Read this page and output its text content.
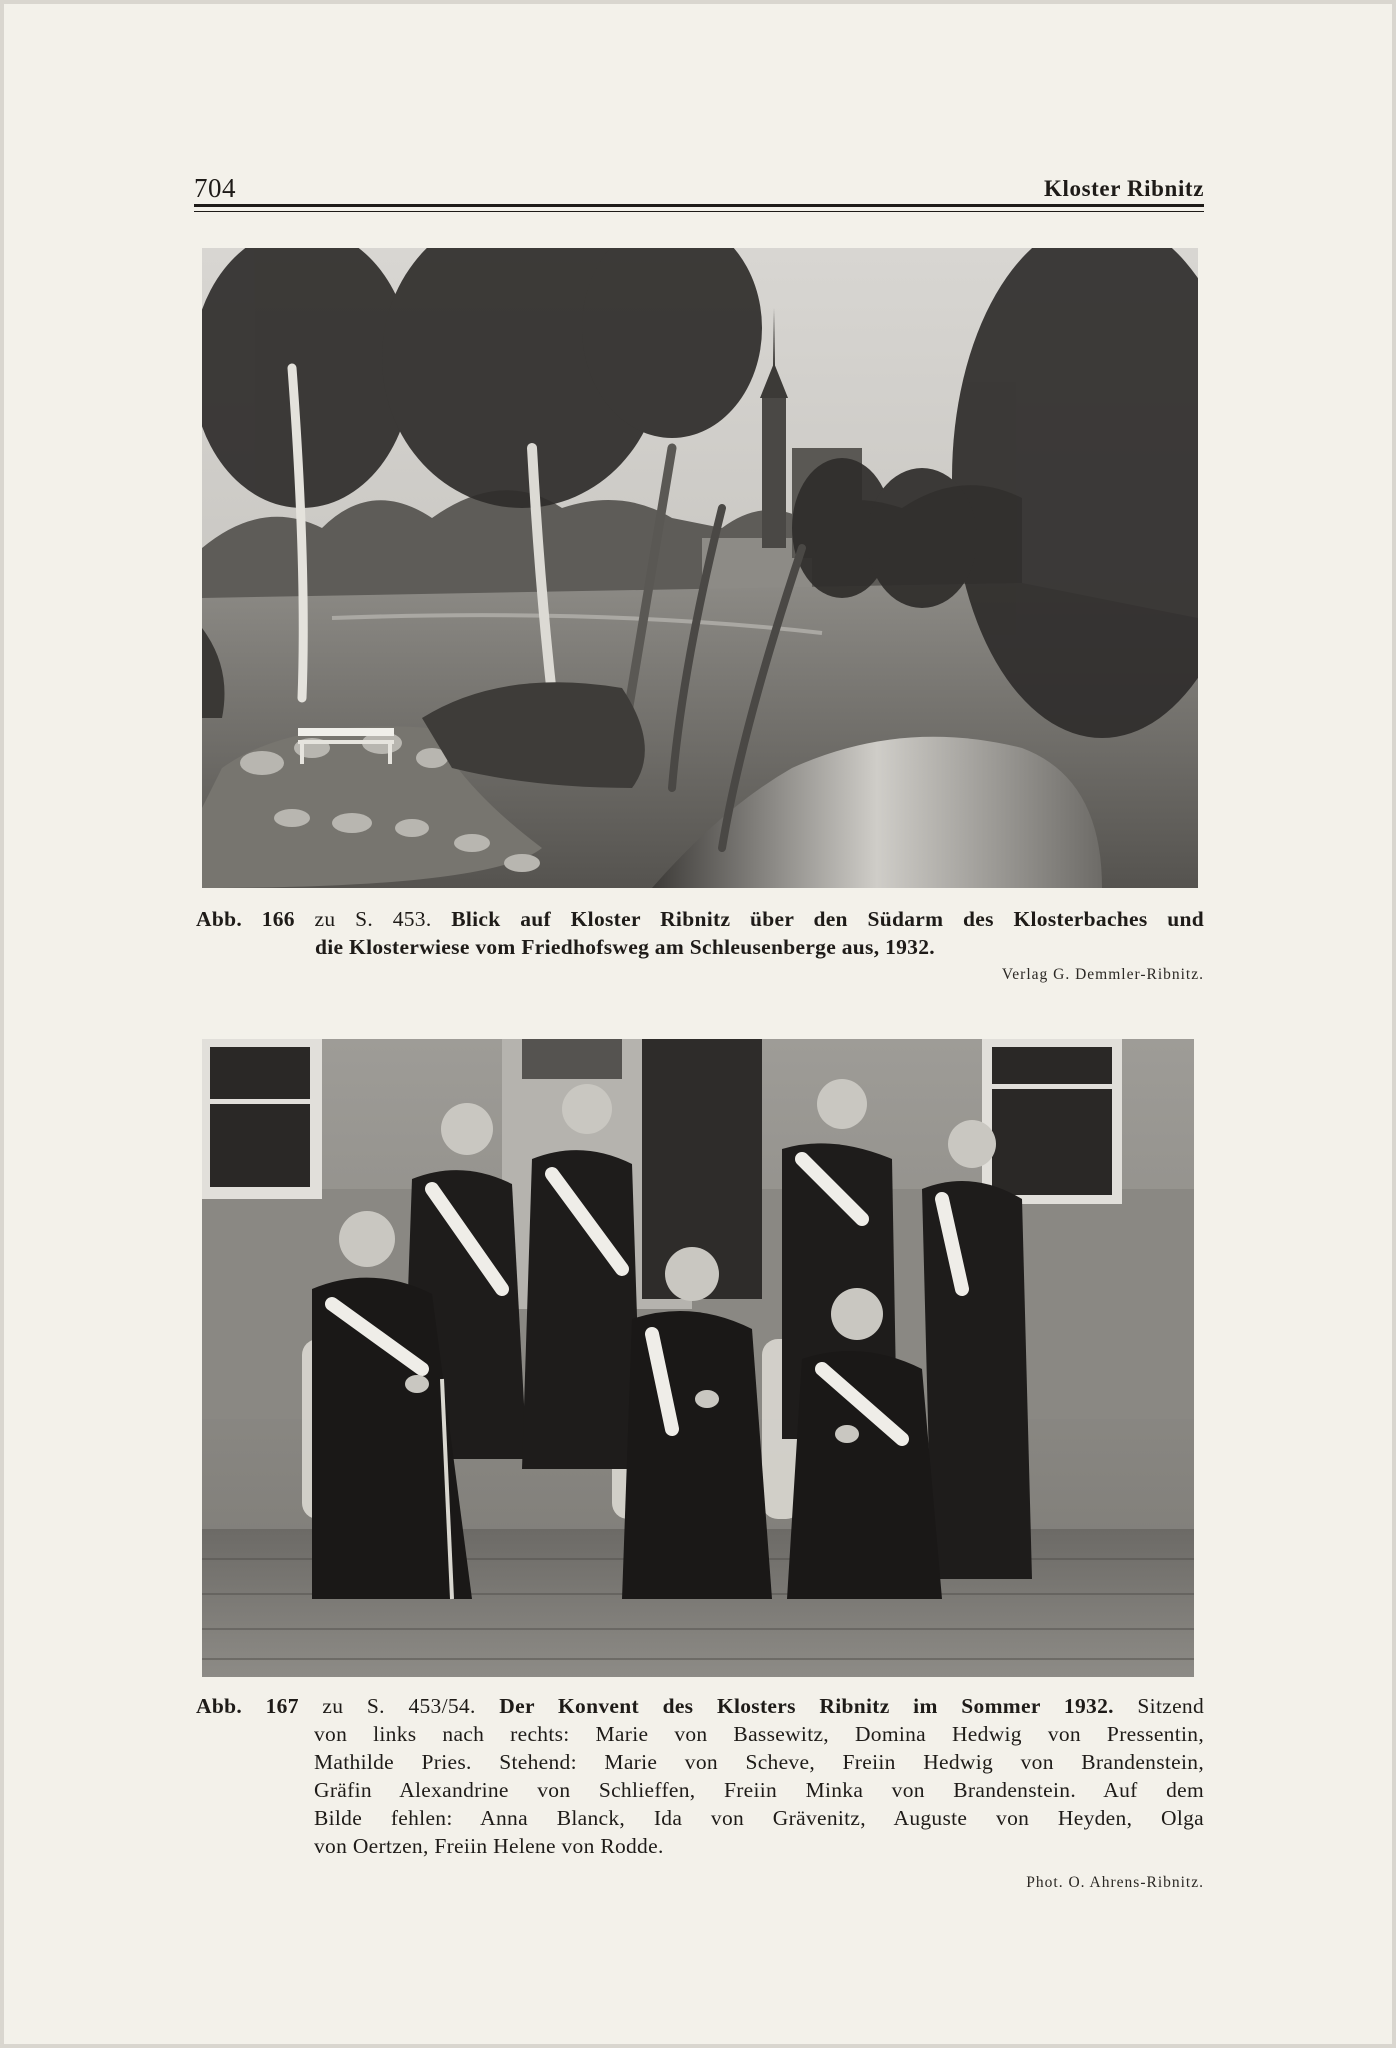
704	Kloster Ribnitz
Abb. 166 zu S. 453. Blick auf Kloster Ribnitz über den Südarm des Klosterbaches und
die Klosterwiese vom Friedhofsweg am Schleusenberge aus, 1932.
Verlag G. Demmler-Ribnitz.
Abb. 167 zu S. 453/54. Der Konvent des Klosters Ribnitz im Sommer 1932. Sitzend
von links nach rechts: Marie von Bassewitz, Domina Hedwig von Pressentin,
Mathilde Pries. Stehend: Marie von Scheve, Freiin Hedwig von Brandenstein,
Gräfin Alexandrine von Schlieffen, Freiin Minka von Brandenstein. Auf dem
Bilde fehlen: Anna Blanck, Ida von Grävenitz, Auguste von Heyden, Olga
von Oertzen, Freiin Helene von Rodde.
Phot. O. Ahrens-Ribnitz.
